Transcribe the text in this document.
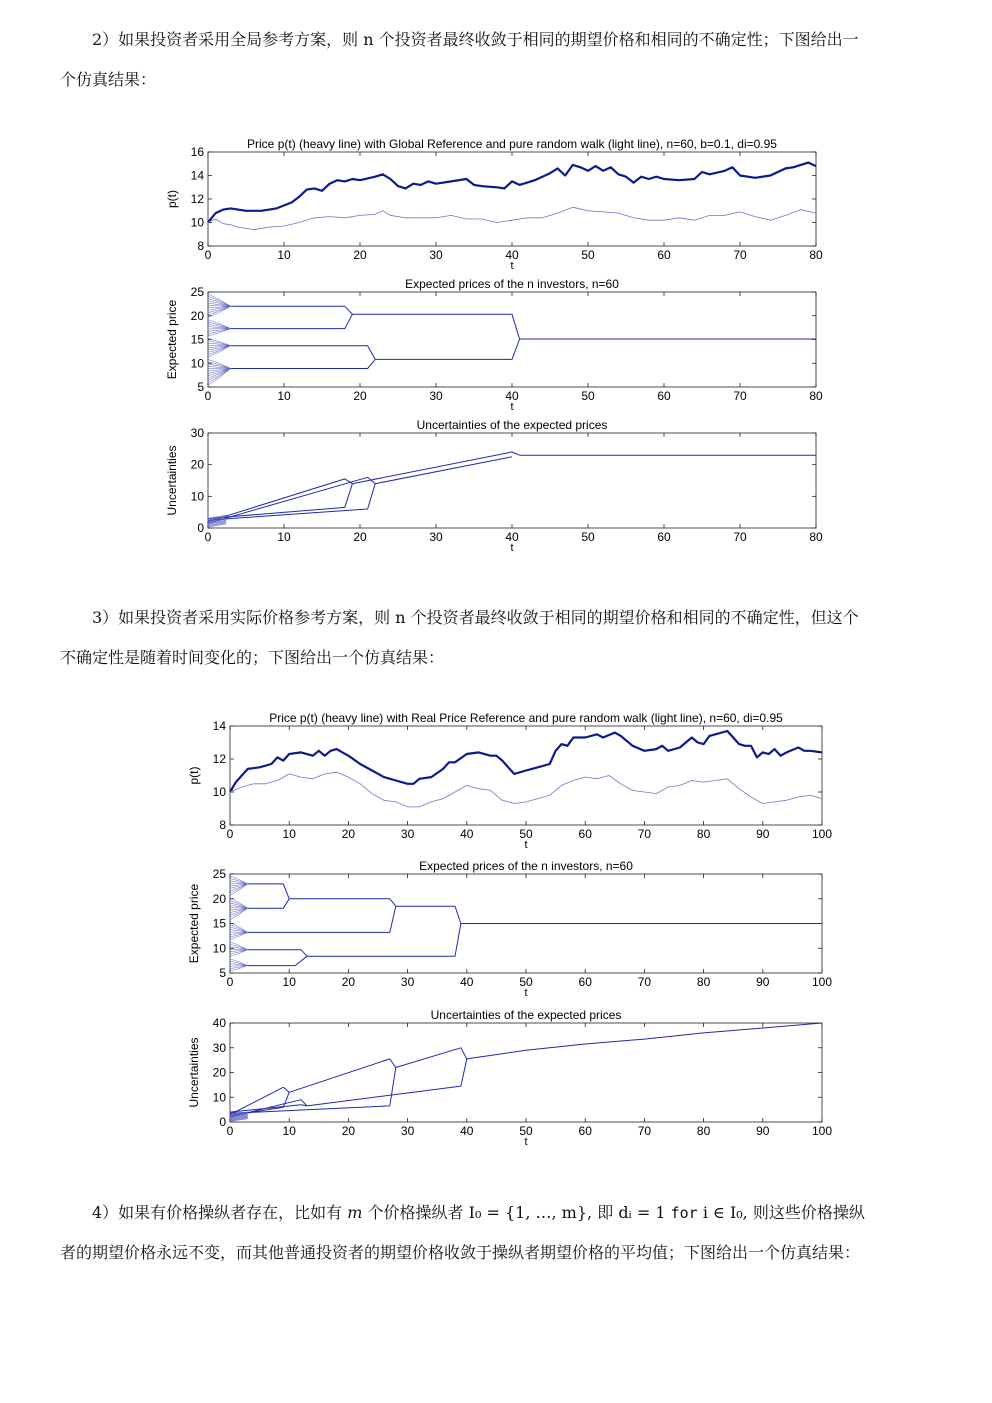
2）如果投资者采用全局参考方案，则 n 个投资者最终收敛于相同的期望价格和相同的不确定性；下图给出一
个仿真结果：
3）如果投资者采用实际价格参考方案，则 n 个投资者最终收敛于相同的期望价格和相同的不确定性，但这个
不确定性是随着时间变化的；下图给出一个仿真结果：
4）如果有价格操纵者存在，比如有 m 个价格操纵者 I₀ = {1, …, m}, 即 dᵢ = 1 for i ∈ I₀, 则这些价格操纵
者的期望价格永远不变，而其他普通投资者的期望价格收敛于操纵者期望价格的平均值；下图给出一个仿真结果：
0	10	20	30	40	50	60	70	80
8
10
12
14
16
t
p(t)
Price p(t) (heavy line) with Global Reference and pure random walk (light line), n=60, b=0.1, di=0.95
0	10	20	30	40	50	60	70	80
5
10
15
20
25
t
Expected price
Expected prices of the n investors, n=60
0	10	20	30	40	50	60	70	80
0
10
20
30
t
Uncertainties
Uncertainties of the expected prices
0	10	20	30	40	50	60	70	80	90	100
8
10
12
14
t
p(t)
Price p(t) (heavy line) with Real Price Reference and pure random walk (light line), n=60, di=0.95
0	10	20	30	40	50	60	70	80	90	100
5
10
15
20
25
t
Expected price
Expected prices of the n investors, n=60
0	10	20	30	40	50	60	70	80	90	100
0
10
20
30
40
t
Uncertainties
Uncertainties of the expected prices
